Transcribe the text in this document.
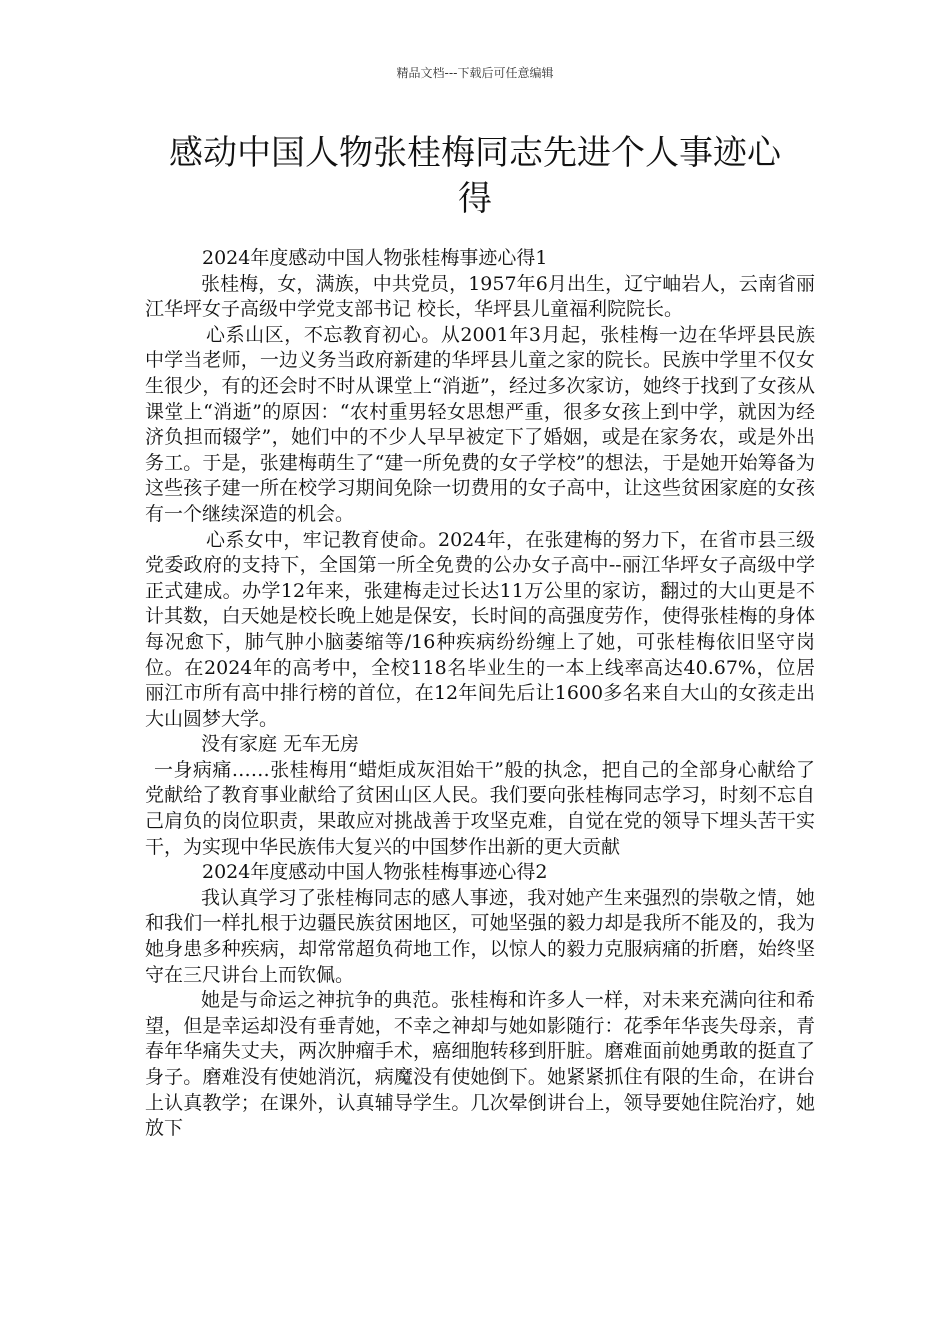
精品文档---下载后可任意编辑
感动中国人物张桂梅同志先进个人事迹心
得

2024年度感动中国人物张桂梅事迹心得1

张桂梅，女，满族，中共党员，1957年6月出生，辽宁岫岩人，云南省丽江华坪女子高级中学党支部书记 校长，华坪县儿童福利院院长。

心系山区，不忘教育初心。从2001年3月起，张桂梅一边在华坪县民族中学当老师，一边义务当政府新建的华坪县儿童之家的院长。民族中学里不仅女生很少，有的还会时不时从课堂上“消逝”，经过多次家访，她终于找到了女孩从课堂上“消逝”的原因：“农村重男轻女思想严重，很多女孩上到中学，就因为经济负担而辍学”，她们中的不少人早早被定下了婚姻，或是在家务农，或是外出务工。于是，张建梅萌生了“建一所免费的女子学校”的想法，于是她开始筹备为这些孩子建一所在校学习期间免除一切费用的女子高中，让这些贫困家庭的女孩有一个继续深造的机会。

心系女中，牢记教育使命。2024年，在张建梅的努力下，在省市县三级党委政府的支持下，全国第一所全免费的公办女子高中--丽江华坪女子高级中学正式建成。办学12年来，张建梅走过长达11万公里的家访，翻过的大山更是不计其数，白天她是校长晚上她是保安，长时间的高强度劳作，使得张桂梅的身体每况愈下，肺气肿小脑萎缩等/16种疾病纷纷缠上了她，可张桂梅依旧坚守岗位。在2024年的高考中，全校118名毕业生的一本上线率高达40.67%，位居丽江市所有高中排行榜的首位，在12年间先后让1600多名来自大山的女孩走出大山圆梦大学。

没有家庭 无车无房

一身病痛……张桂梅用“蜡炬成灰泪始干”般的执念，把自己的全部身心献给了党献给了教育事业献给了贫困山区人民。我们要向张桂梅同志学习，时刻不忘自己肩负的岗位职责，果敢应对挑战善于攻坚克难，自觉在党的领导下埋头苦干实干，为实现中华民族伟大复兴的中国梦作出新的更大贡献

2024年度感动中国人物张桂梅事迹心得2

我认真学习了张桂梅同志的感人事迹，我对她产生来强烈的崇敬之情，她和我们一样扎根于边疆民族贫困地区，可她坚强的毅力却是我所不能及的，我为她身患多种疾病，却常常超负荷地工作，以惊人的毅力克服病痛的折磨，始终坚守在三尺讲台上而钦佩。

她是与命运之神抗争的典范。张桂梅和许多人一样，对未来充满向往和希望，但是幸运却没有垂青她，不幸之神却与她如影随行：花季年华丧失母亲，青春年华痛失丈夫，两次肿瘤手术，癌细胞转移到肝脏。磨难面前她勇敢的挺直了身子。磨难没有使她消沉，病魔没有使她倒下。她紧紧抓住有限的生命，在讲台上认真教学；在课外，认真辅导学生。几次晕倒讲台上，领导要她住院治疗，她放下
